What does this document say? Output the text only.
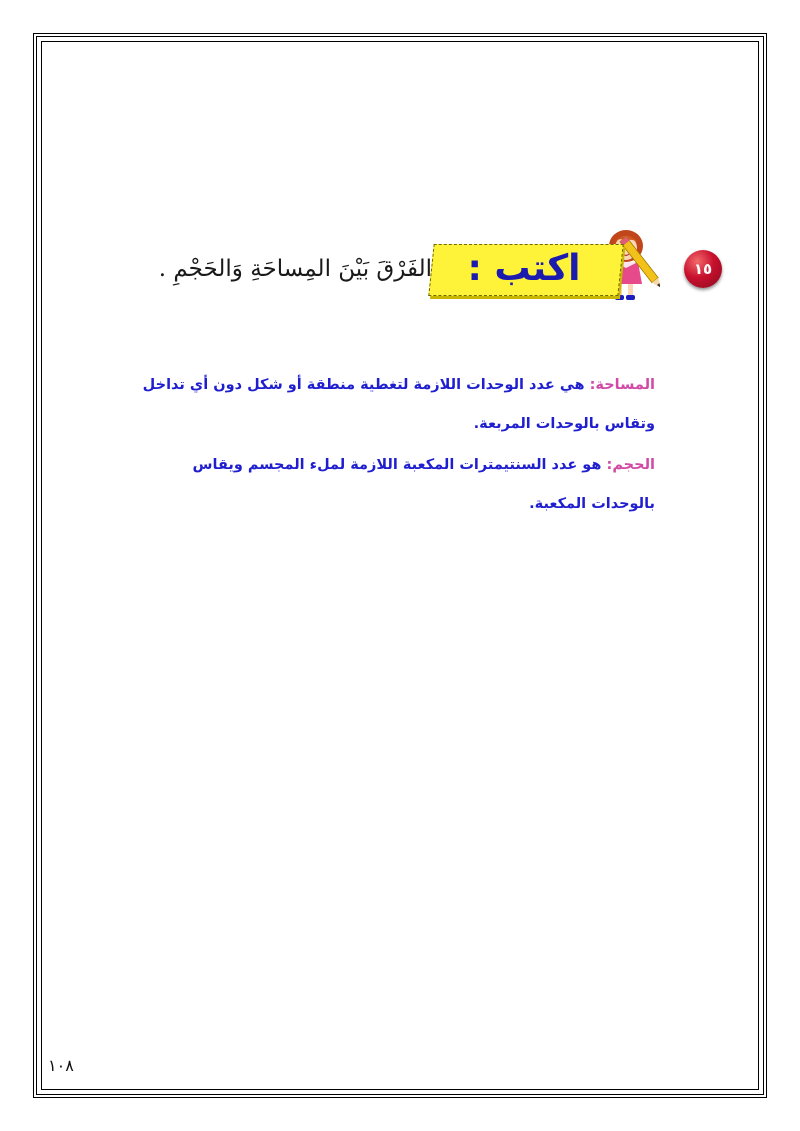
١٥
اكتب :
الفَرْقَ بَيْنَ المِساحَةِ وَالحَجْمِ .

المساحة: هي عدد الوحدات اللازمة لتغطية منطقة أو شكل دون أي تداخل وتقاس بالوحدات المربعة.

الحجم: هو عدد السنتيمترات المكعبة اللازمة لملء المجسم ويقاس بالوحدات المكعبة.

١٠٨
